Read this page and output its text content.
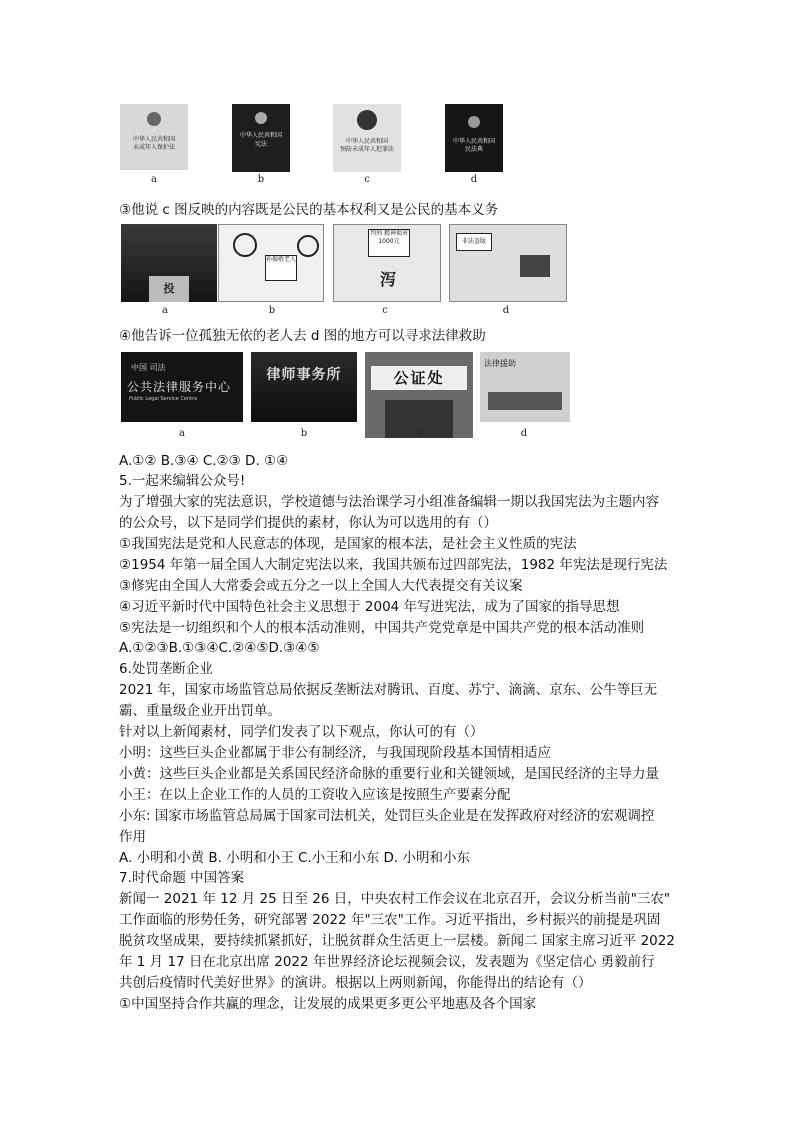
中华人民共和国
未成年人保护法
中华人民共和国
宪法	中华人民共和国
预防未成年人犯罪法
中华人民共和国
民法典
a	b	c	d
③他说 c 图反映的内容既是公民的基本权利又是公民的基本义务
投
孙振敬老人
判刑 精神损害 1000元
泻
非法盗版
a	b	c	d
④他告诉一位孤独无依的老人去 d 图的地方可以寻求法律救助
中国 司法
公共法律服务中心
Public Legal Service Centre
律师事务所	公证处
法律援助
a	b	c	d
A.①② B.③④ C.②③ D. ①④
5.一起来编辑公众号!
为了增强大家的宪法意识，学校道德与法治课学习小组准备编辑一期以我国宪法为主题内容
的公众号，以下是同学们提供的素材，你认为可以选用的有（）
①我国宪法是党和人民意志的体现，是国家的根本法，是社会主义性质的宪法
②1954 年第一届全国人大制定宪法以来，我国共颁布过四部宪法，1982 年宪法是现行宪法
③修宪由全国人大常委会或五分之一以上全国人大代表提交有关议案
④习近平新时代中国特色社会主义思想于 2004 年写进宪法，成为了国家的指导思想
⑤宪法是一切组织和个人的根本活动准则，中国共产党党章是中国共产党的根本活动准则
A.①②③B.①③④C.②④⑤D.③④⑤
6.处罚垄断企业
2021 年，国家市场监管总局依据反垄断法对腾讯、百度、苏宁、滴滴、京东、公牛等巨无
霸、重量级企业开出罚单。
针对以上新闻素材，同学们发表了以下观点，你认可的有（）
小明：这些巨头企业都属于非公有制经济，与我国现阶段基本国情相适应
小黄：这些巨头企业都是关系国民经济命脉的重要行业和关键领域，是国民经济的主导力量
小王：在以上企业工作的人员的工资收入应该是按照生产要素分配
小东: 国家市场监管总局属于国家司法机关，处罚巨头企业是在发挥政府对经济的宏观调控
作用
A. 小明和小黄 B. 小明和小王 C.小王和小东 D. 小明和小东
7.时代命题 中国答案
新闻一 2021 年 12 月 25 日至 26 日，中央农村工作会议在北京召开，会议分析当前"三农"
工作面临的形势任务，研究部署 2022 年"三农"工作。习近平指出，乡村振兴的前提是巩固
脱贫攻坚成果，要持续抓紧抓好，让脱贫群众生活更上一层楼。新闻二 国家主席习近平 2022
年 1 月 17 日在北京出席 2022 年世界经济论坛视频会议，发表题为《坚定信心 勇毅前行
共创后疫情时代美好世界》的演讲。根据以上两则新闻，你能得出的结论有（）
①中国坚持合作共赢的理念，让发展的成果更多更公平地惠及各个国家
